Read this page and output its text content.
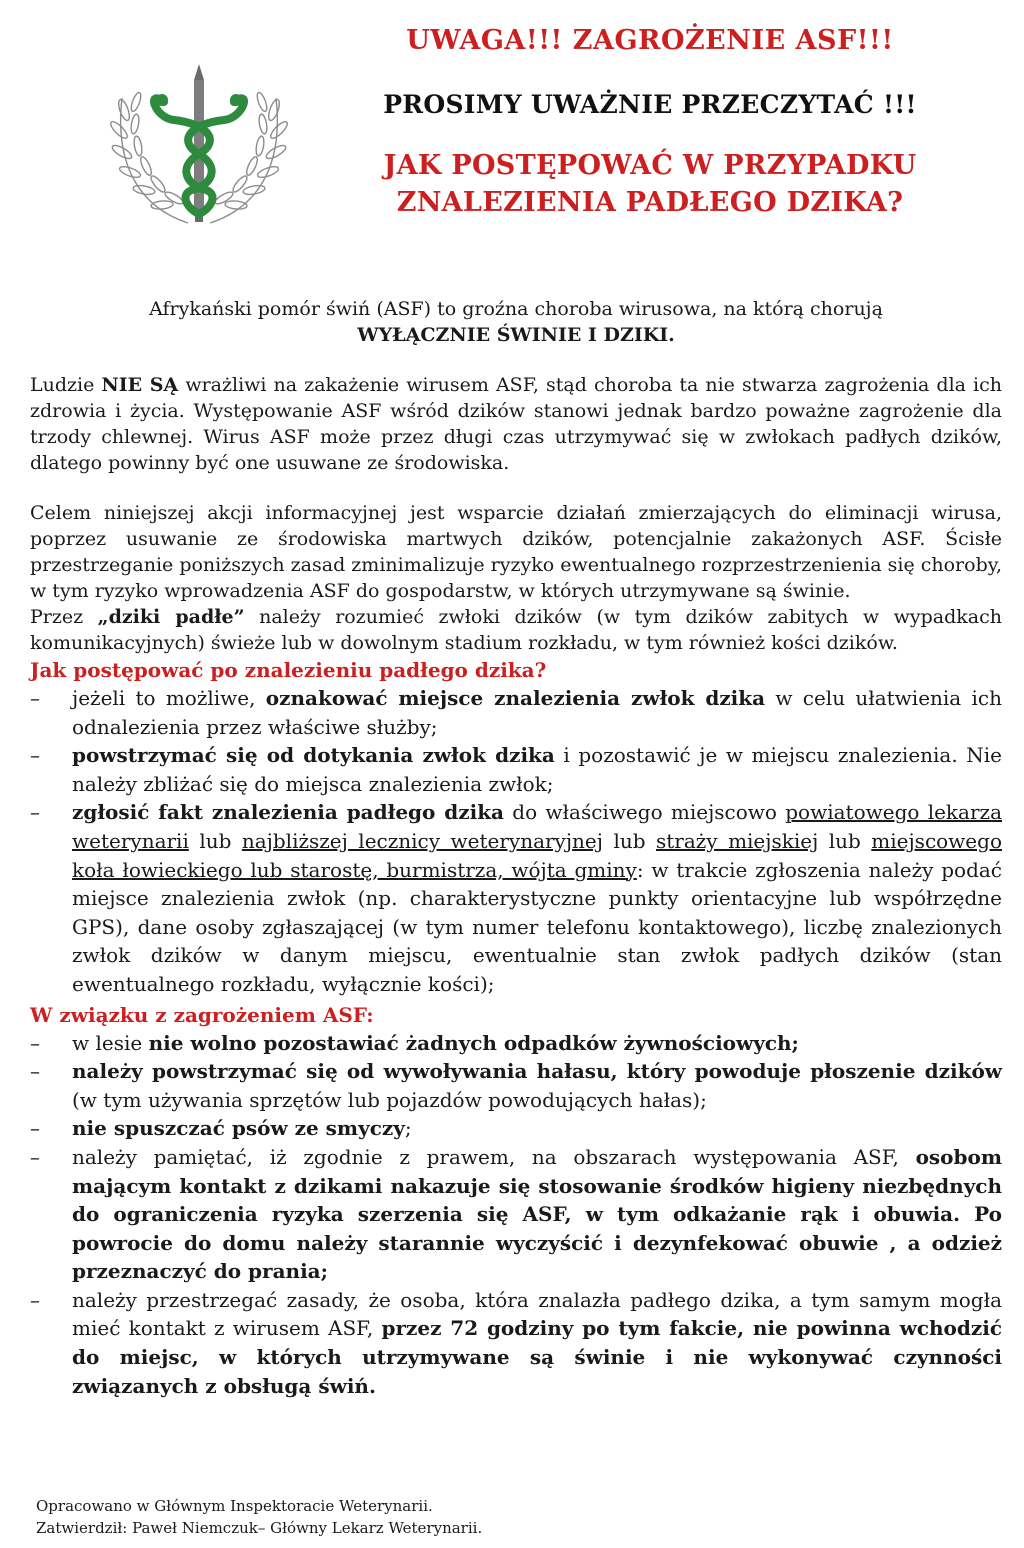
UWAGA!!! ZAGROŻENIE ASF!!!
PROSIMY UWAŻNIE PRZECZYTAĆ !!!
JAK POSTĘPOWAĆ W PRZYPADKU
ZNALEZIENIA PADŁEGO DZIKA?
Afrykański pomór świń (ASF) to groźna choroba wirusowa, na którą chorują
WYŁĄCZNIE ŚWINIE I DZIKI.

Ludzie NIE SĄ wrażliwi na zakażenie wirusem ASF, stąd choroba ta nie stwarza zagrożenia dla ich zdrowia i życia. Występowanie ASF wśród dzików stanowi jednak bardzo poważne zagrożenie dla trzody chlewnej. Wirus ASF może przez długi czas utrzymywać się w zwłokach padłych dzików, dlatego powinny być one usuwane ze środowiska.

Celem niniejszej akcji informacyjnej jest wsparcie działań zmierzających do eliminacji wirusa, poprzez usuwanie ze środowiska martwych dzików, potencjalnie zakażonych ASF. Ścisłe przestrzeganie poniższych zasad zminimalizuje ryzyko ewentualnego rozprzestrzenienia się choroby, w tym ryzyko wprowadzenia ASF do gospodarstw, w których utrzymywane są świnie.

Przez „dziki padłe” należy rozumieć zwłoki dzików (w tym dzików zabitych w wypadkach komunikacyjnych) świeże lub w dowolnym stadium rozkładu, w tym również kości dzików.

Jak postępować po znalezieniu padłego dzika?
– jeżeli to możliwe, oznakować miejsce znalezienia zwłok dzika w celu ułatwienia ich odnalezienia przez właściwe służby;
– powstrzymać się od dotykania zwłok dzika i pozostawić je w miejscu znalezienia. Nie należy zbliżać się do miejsca znalezienia zwłok;
– zgłosić fakt znalezienia padłego dzika do właściwego miejscowo powiatowego lekarza weterynarii lub najbliższej lecznicy weterynaryjnej lub straży miejskiej lub miejscowego koła łowieckiego lub starostę, burmistrza, wójta gminy: w trakcie zgłoszenia należy podać miejsce znalezienia zwłok (np. charakterystyczne punkty orientacyjne lub współrzędne GPS), dane osoby zgłaszającej (w tym numer telefonu kontaktowego), liczbę znalezionych zwłok dzików w danym miejscu, ewentualnie stan zwłok padłych dzików (stan ewentualnego rozkładu, wyłącznie kości);
W związku z zagrożeniem ASF:
– w lesie nie wolno pozostawiać żadnych odpadków żywnościowych;
– należy powstrzymać się od wywoływania hałasu, który powoduje płoszenie dzików (w tym używania sprzętów lub pojazdów powodujących hałas);
– nie spuszczać psów ze smyczy;
– należy pamiętać, iż zgodnie z prawem, na obszarach występowania ASF, osobom mającym kontakt z dzikami nakazuje się stosowanie środków higieny niezbędnych do ograniczenia ryzyka szerzenia się ASF, w tym odkażanie rąk i obuwia. Po powrocie do domu należy starannie wyczyścić i dezynfekować obuwie , a odzież przeznaczyć do prania;
– należy przestrzegać zasady, że osoba, która znalazła padłego dzika, a tym samym mogła mieć kontakt z wirusem ASF, przez 72 godziny po tym fakcie, nie powinna wchodzić do miejsc, w których utrzymywane są świnie i nie wykonywać czynności związanych z obsługą świń.
Opracowano w Głównym Inspektoracie Weterynarii.
Zatwierdził: Paweł Niemczuk– Główny Lekarz Weterynarii.
